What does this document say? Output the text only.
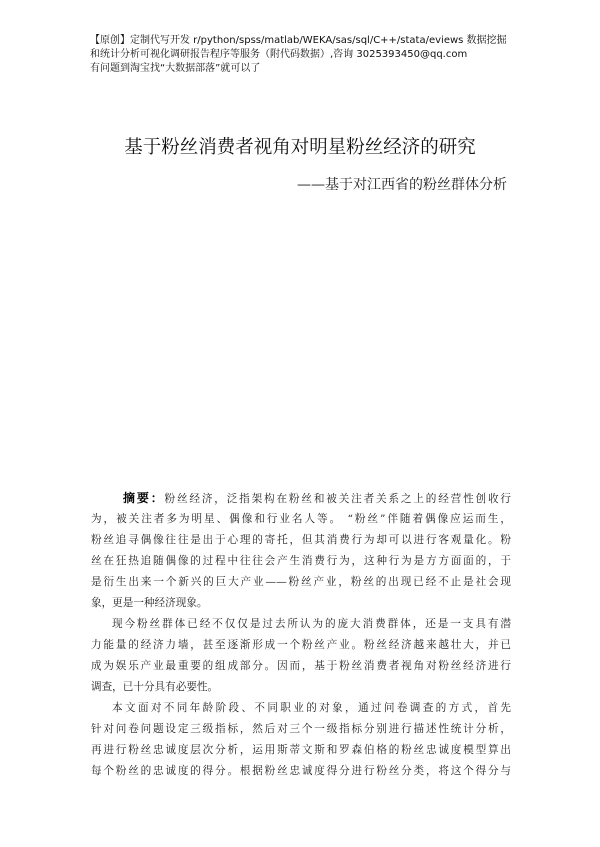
【原创】定制代写开发 r/python/spss/matlab/WEKA/sas/sql/C++/stata/eviews 数据挖掘
和统计分析可视化调研报告程序等服务（附代码数据）,咨询 3025393450@qq.com
有问题到淘宝找“大数据部落”就可以了
基于粉丝消费者视角对明星粉丝经济的研究
——基于对江西省的粉丝群体分析
摘要：粉丝经济，泛指架构在粉丝和被关注者关系之上的经营性创收行
为，被关注者多为明星、偶像和行业名人等。 “粉丝”伴随着偶像应运而生，
粉丝追寻偶像往往是出于心理的寄托，但其消费行为却可以进行客观量化。粉
丝在狂热追随偶像的过程中往往会产生消费行为，这种行为是方方面面的，于
是衍生出来一个新兴的巨大产业——粉丝产业，粉丝的出现已经不止是社会现
象，更是一种经济现象。
现今粉丝群体已经不仅仅是过去所认为的庞大消费群体，还是一支具有潜
力能量的经济力墙，甚至逐渐形成一个粉丝产业。粉丝经济越来越壮大，并已
成为娱乐产业最重要的组成部分。因而，基于粉丝消费者视角对粉丝经济进行
调查，已十分具有必要性。
本文面对不同年龄阶段、不同职业的对象，通过问卷调查的方式，首先
针对问卷问题设定三级指标，然后对三个一级指标分别进行描述性统计分析，
再进行粉丝忠诚度层次分析，运用斯蒂文斯和罗森伯格的粉丝忠诚度模型算出
每个粉丝的忠诚度的得分。根据粉丝忠诚度得分进行粉丝分类，将这个得分与
